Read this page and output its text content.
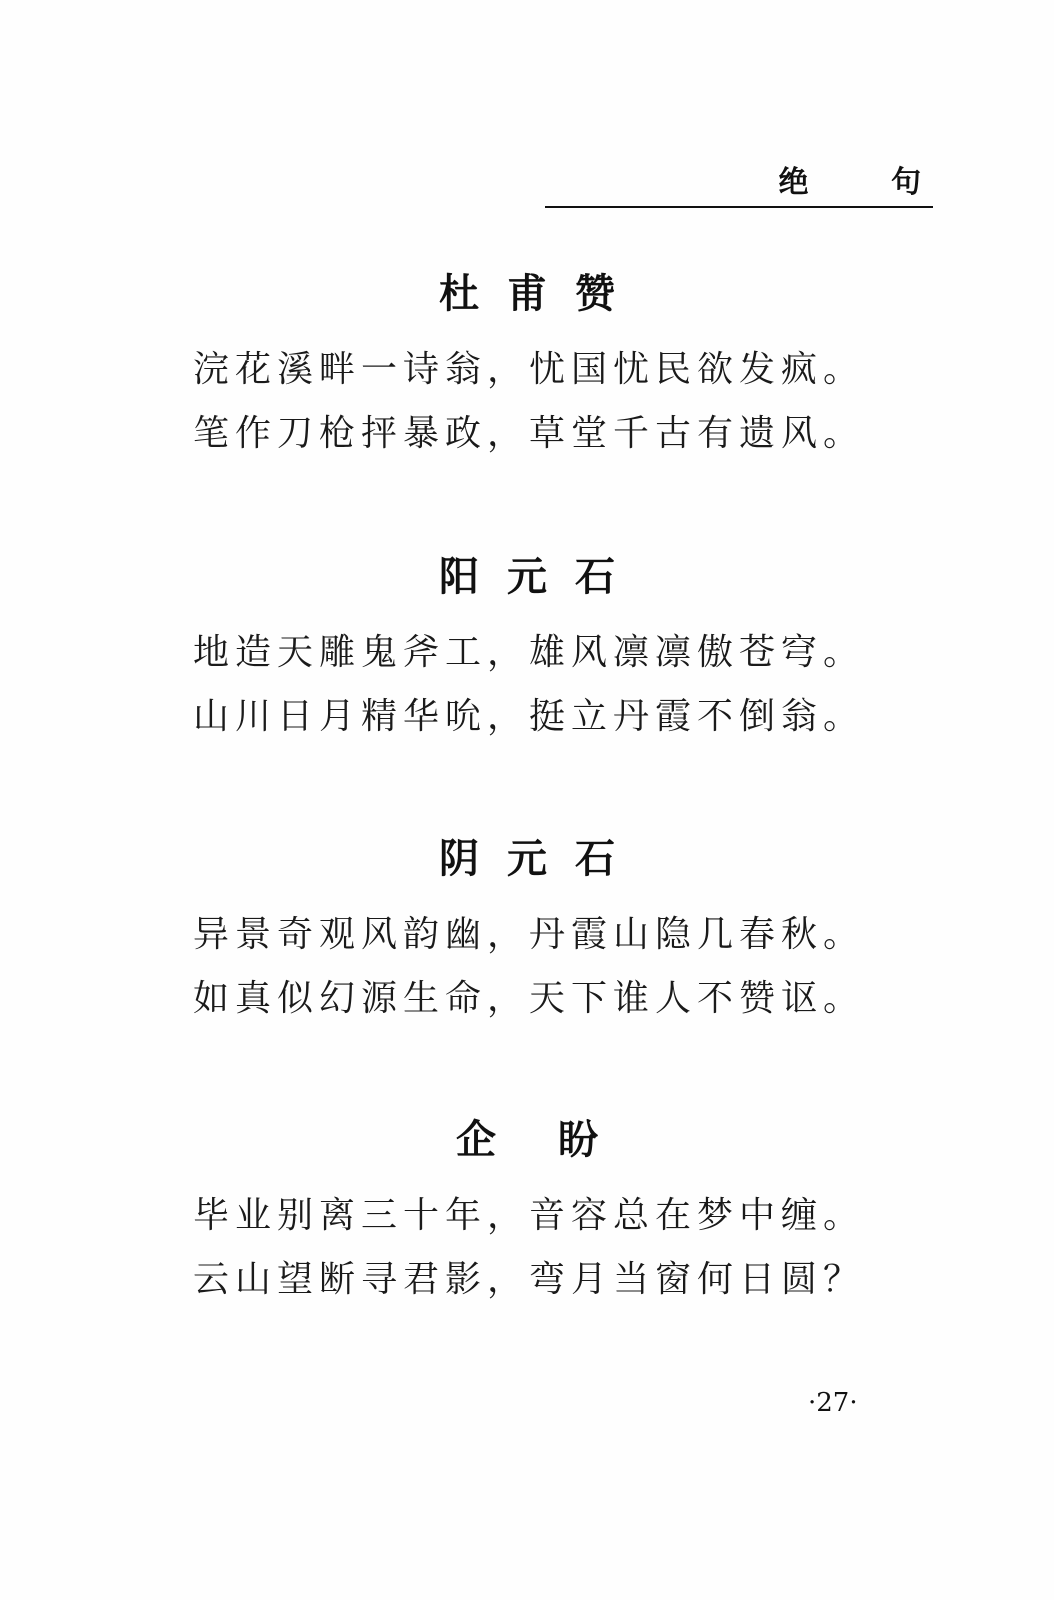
绝 句
杜甫赞
浣花溪畔一诗翁，忧国忧民欲发疯。
笔作刀枪抨暴政，草堂千古有遗风。
阳元石
地造天雕鬼斧工，雄风凛凛傲苍穹。
山川日月精华吮，挺立丹霞不倒翁。
阴元石
异景奇观风韵幽，丹霞山隐几春秋。
如真似幻源生命，天下谁人不赞讴。
企盼
毕业别离三十年，音容总在梦中缠。
云山望断寻君影，弯月当窗何日圆？
·27·
